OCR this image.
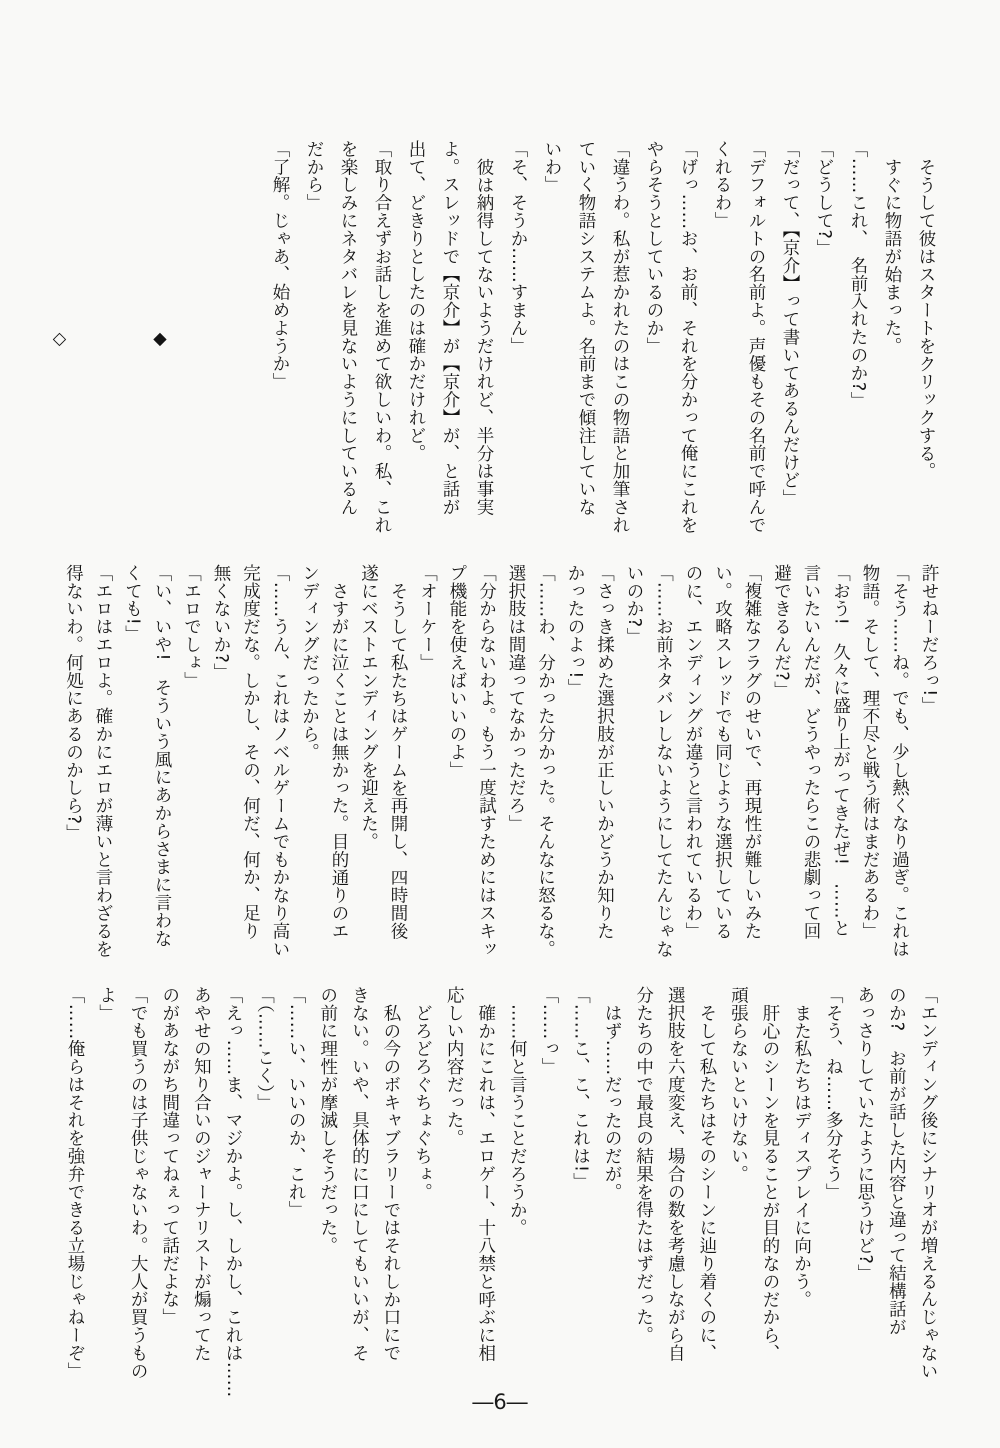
そうして彼はスタートをクリックする。
すぐに物語が始まった。
「……これ、　名前入れたのか?」
「どうして?」
「だって、【京介】って書いてあるんだけど」
「デフォルトの名前よ。声優もその名前で呼んで
くれるわ」
「げっ……お、お前、それを分かって俺にこれを
やらそうとしているのか」
「違うわ。私が惹かれたのはこの物語と加筆され
ていく物語システムよ。名前まで傾注していな
いわ」
「そ、そうか……すまん」
彼は納得してないようだけれど、半分は事実
よ。スレッドで【京介】が【京介】が、と話が
出て、どきりとしたのは確かだけれど。
「取り合えずお話しを進めて欲しいわ。私、これ
を楽しみにネタバレを見ないようにしているん
だから」
「了解。じゃあ、始めようか」
◆
◇
許せねーだろっ!」
「そう……ね。でも、少し熱くなり過ぎ。これは
物語。そして、理不尽と戦う術はまだあるわ」
「おう!　久々に盛り上がってきたぜ!　……と
言いたいんだが、どうやったらこの悲劇って回
避できるんだ?」
「複雑なフラグのせいで、再現性が難しいみた
い。攻略スレッドでも同じような選択している
のに、エンディングが違うと言われているわ」
「……お前ネタバレしないようにしてたんじゃな
いのか?」
「さっき揉めた選択肢が正しいかどうか知りた
かったのよっ!」
「……わ、分かった分かった。そんなに怒るな。
選択肢は間違ってなかっただろ」
「分からないわよ。もう一度試すためにはスキッ
プ機能を使えばいいのよ」
「オーケー」
そうして私たちはゲームを再開し、四時間後
遂にベストエンディングを迎えた。
さすがに泣くことは無かった。目的通りのエ
ンディングだったから。
「……うん、これはノベルゲームでもかなり高い
完成度だな。しかし、その、何だ、何か、足り
無くないか?」
「エロでしょ」
「い、いや!　そういう風にあからさまに言わな
くても!」
「エロはエロよ。確かにエロが薄いと言わざるを
得ないわ。何処にあるのかしら?」
「エンディング後にシナリオが増えるんじゃない
のか?　お前が話した内容と違って結構話が
あっさりしていたように思うけど?」
「そう、ね……多分そう」
また私たちはディスプレイに向かう。
肝心のシーンを見ることが目的なのだから、
頑張らないといけない。
そして私たちはそのシーンに辿り着くのに、
選択肢を六度変え、場合の数を考慮しながら自
分たちの中で最良の結果を得たはずだった。
はず……だったのだが。
「……こ、こ、これは!」
「……っ」
……何と言うことだろうか。
確かにこれは、エロゲー、十八禁と呼ぶに相
応しい内容だった。
どろどろぐちょぐちょ。
私の今のボキャブラリーではそれしか口にで
きない。いや、具体的に口にしてもいいが、そ
の前に理性が摩滅しそうだった。
「……い、いいのか、これ」
「（……こく）」
「えっ……ま、マジかよ。し、しかし、これは……
あやせの知り合いのジャーナリストが煽ってた
のがあながち間違ってねぇって話だよな」
「でも買うのは子供じゃないわ。大人が買うもの
よ」
「……俺らはそれを強弁できる立場じゃねーぞ」
―6―
